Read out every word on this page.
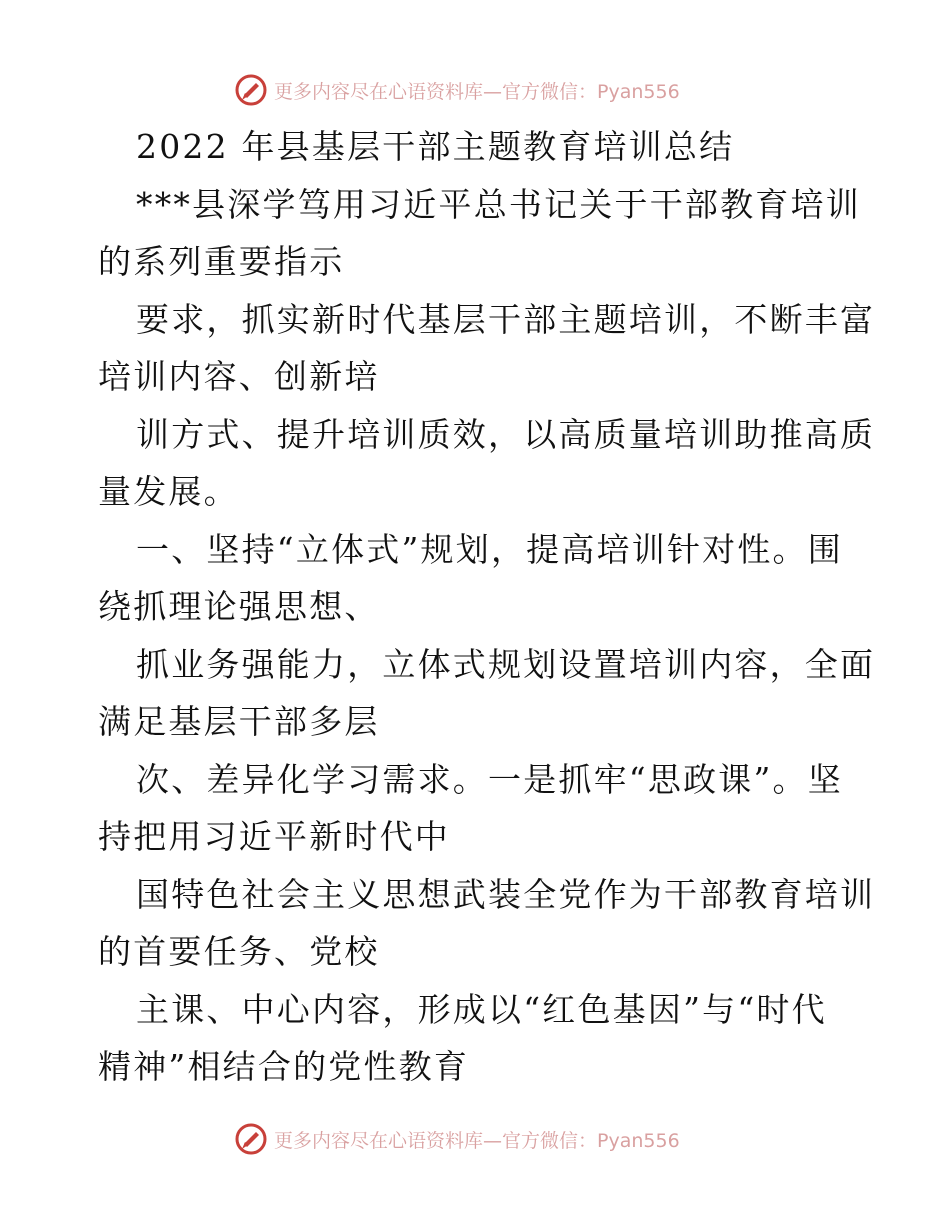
更多内容尽在心语资料库—官方微信：Pyan556
2022 年县基层干部主题教育培训总结
***县深学笃用习近平总书记关于干部教育培训
的系列重要指示
要求，抓实新时代基层干部主题培训，不断丰富
培训内容、创新培
训方式、提升培训质效，以高质量培训助推高质
量发展。
一、坚持“立体式”规划，提高培训针对性。围
绕抓理论强思想、
抓业务强能力，立体式规划设置培训内容，全面
满足基层干部多层
次、差异化学习需求。一是抓牢“思政课”。坚
持把用习近平新时代中
国特色社会主义思想武装全党作为干部教育培训
的首要任务、党校
主课、中心内容，形成以“红色基因”与“时代
精神”相结合的党性教育
更多内容尽在心语资料库—官方微信：Pyan556
